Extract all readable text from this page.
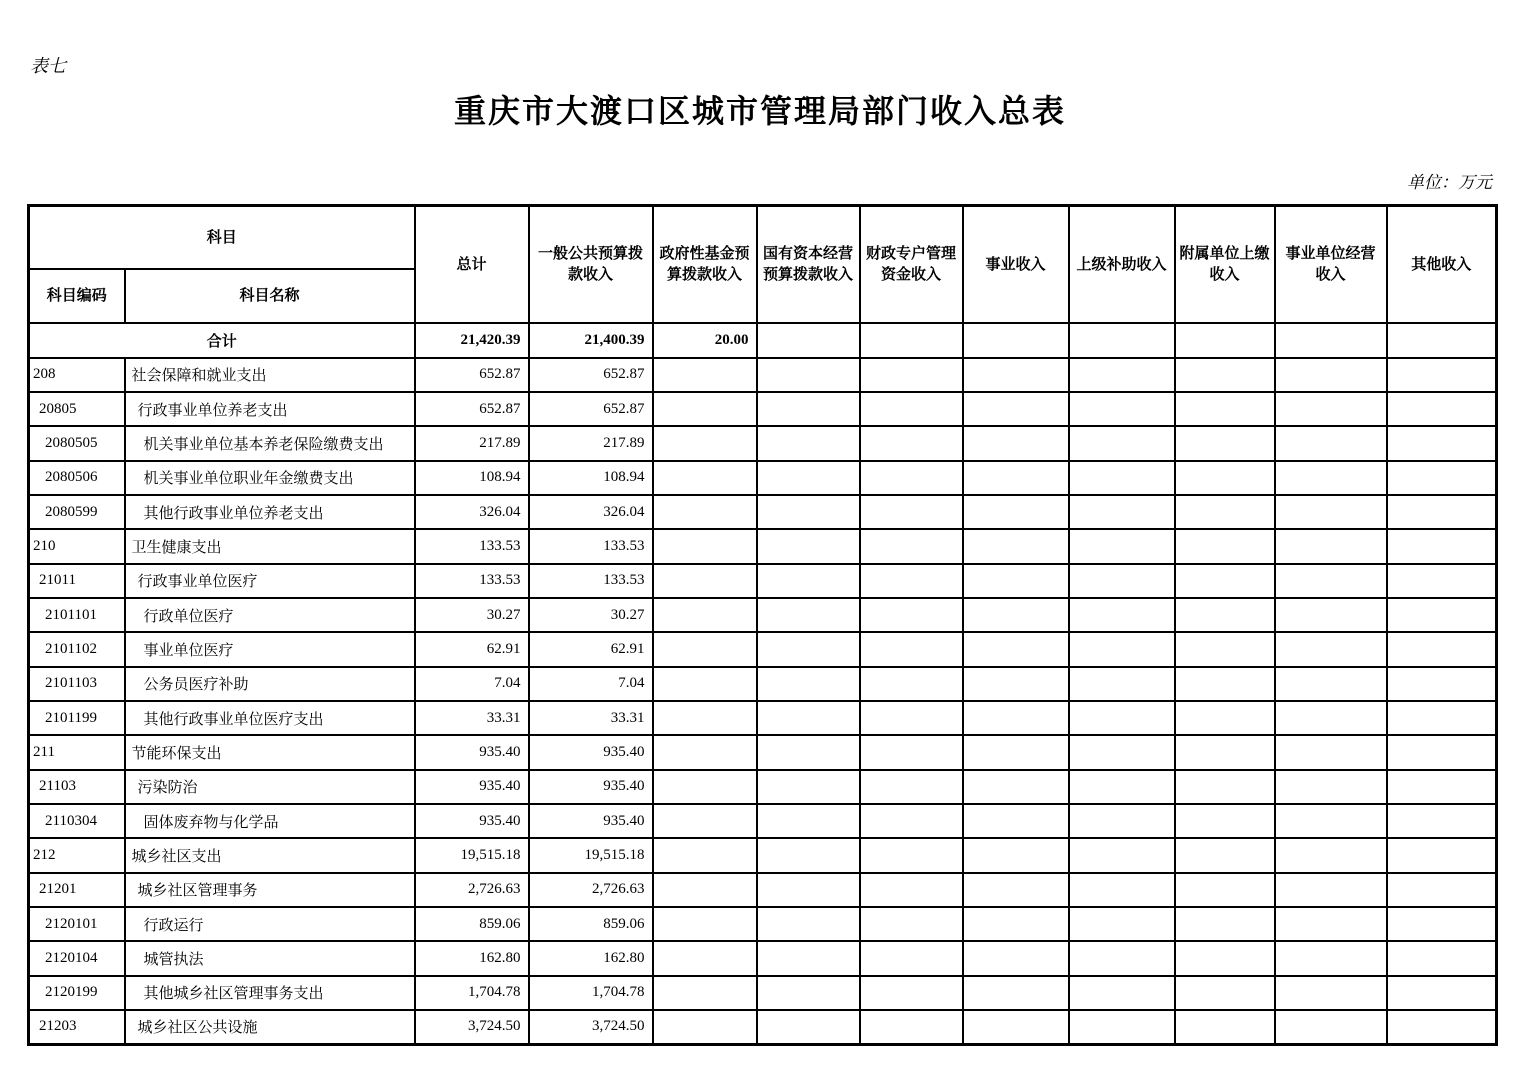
表七
重庆市大渡口区城市管理局部门收入总表
单位：万元
科目		总计	一般公共预算拨款收入	政府性基金预算拨款收入	国有资本经营预算拨款收入	财政专户管理资金收入	事业收入	上级补助收入	附属单位上缴收入	事业单位经营收入	其他收入
科目编码	科目名称										
合计		21,420.39	21,400.39	20.00							
208	社会保障和就业支出	652.87	652.87								
20805	行政事业单位养老支出	652.87	652.87								
2080505	机关事业单位基本养老保险缴费支出	217.89	217.89								
2080506	机关事业单位职业年金缴费支出	108.94	108.94								
2080599	其他行政事业单位养老支出	326.04	326.04								
210	卫生健康支出	133.53	133.53								
21011	行政事业单位医疗	133.53	133.53								
2101101	行政单位医疗	30.27	30.27								
2101102	事业单位医疗	62.91	62.91								
2101103	公务员医疗补助	7.04	7.04								
2101199	其他行政事业单位医疗支出	33.31	33.31								
211	节能环保支出	935.40	935.40								
21103	污染防治	935.40	935.40								
2110304	固体废弃物与化学品	935.40	935.40								
212	城乡社区支出	19,515.18	19,515.18								
21201	城乡社区管理事务	2,726.63	2,726.63								
2120101	行政运行	859.06	859.06								
2120104	城管执法	162.80	162.80								
2120199	其他城乡社区管理事务支出	1,704.78	1,704.78								
21203	城乡社区公共设施	3,724.50	3,724.50								
